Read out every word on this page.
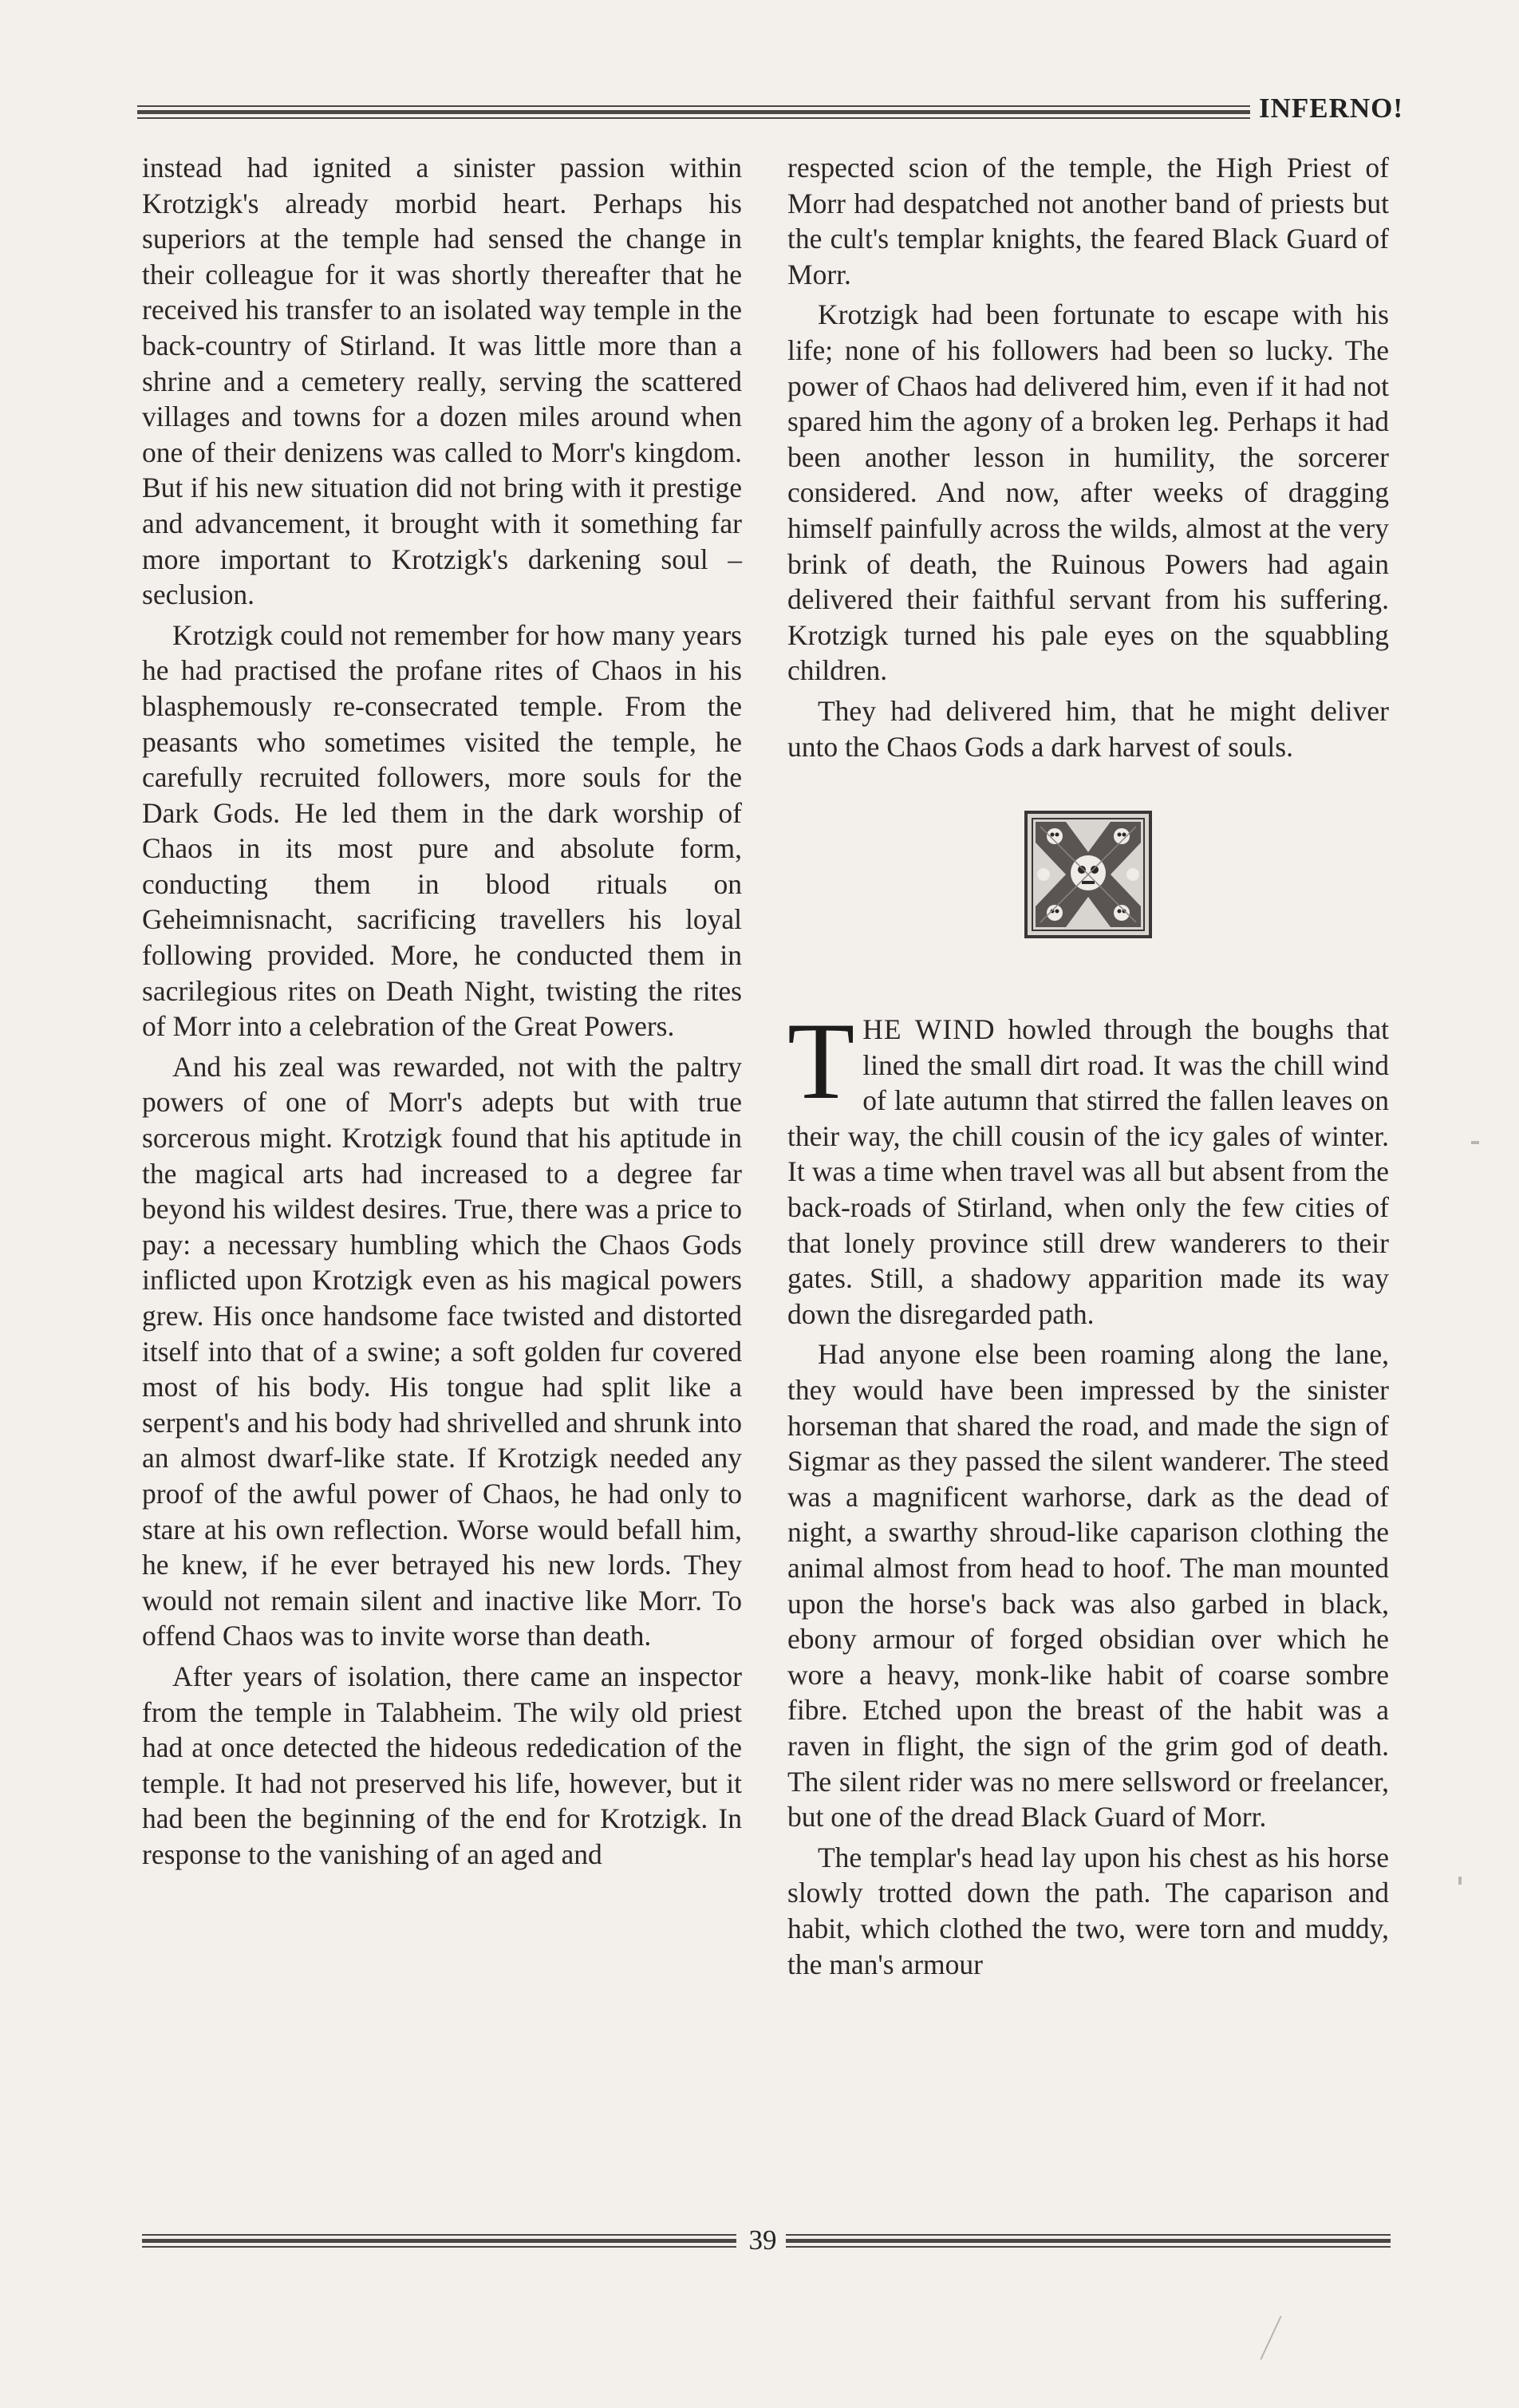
INFERNO!

instead had ignited a sinister passion within Krotzigk's already morbid heart. Perhaps his superiors at the temple had sensed the change in their colleague for it was shortly thereafter that he received his transfer to an isolated way temple in the back-country of Stirland. It was little more than a shrine and a cemetery really, serving the scattered villages and towns for a dozen miles around when one of their denizens was called to Morr's kingdom. But if his new situation did not bring with it prestige and advancement, it brought with it something far more important to Krotzigk's darkening soul – seclusion.

Krotzigk could not remember for how many years he had practised the profane rites of Chaos in his blasphemously re-consecrated temple. From the peasants who sometimes visited the temple, he carefully recruited followers, more souls for the Dark Gods. He led them in the dark worship of Chaos in its most pure and absolute form, conducting them in blood rituals on Geheimnisnacht, sacrificing travellers his loyal following provided. More, he conducted them in sacrilegious rites on Death Night, twisting the rites of Morr into a celebration of the Great Powers.

And his zeal was rewarded, not with the paltry powers of one of Morr's adepts but with true sorcerous might. Krotzigk found that his aptitude in the magical arts had increased to a degree far beyond his wildest desires. True, there was a price to pay: a necessary humbling which the Chaos Gods inflicted upon Krotzigk even as his magical powers grew. His once handsome face twisted and distorted itself into that of a swine; a soft golden fur covered most of his body. His tongue had split like a serpent's and his body had shrivelled and shrunk into an almost dwarf-like state. If Krotzigk needed any proof of the awful power of Chaos, he had only to stare at his own reflection. Worse would befall him, he knew, if he ever betrayed his new lords. They would not remain silent and inactive like Morr. To offend Chaos was to invite worse than death.

After years of isolation, there came an inspector from the temple in Talabheim. The wily old priest had at once detected the hideous rededication of the temple. It had not preserved his life, however, but it had been the beginning of the end for Krotzigk. In response to the vanishing of an aged and

respected scion of the temple, the High Priest of Morr had despatched not another band of priests but the cult's templar knights, the feared Black Guard of Morr.

Krotzigk had been fortunate to escape with his life; none of his followers had been so lucky. The power of Chaos had delivered him, even if it had not spared him the agony of a broken leg. Perhaps it had been another lesson in humility, the sorcerer considered. And now, after weeks of dragging himself painfully across the wilds, almost at the very brink of death, the Ruinous Powers had again delivered their faithful servant from his suffering. Krotzigk turned his pale eyes on the squabbling children.

They had delivered him, that he might deliver unto the Chaos Gods a dark harvest of souls.

THE WIND howled through the boughs that lined the small dirt road. It was the chill wind of late autumn that stirred the fallen leaves on their way, the chill cousin of the icy gales of winter. It was a time when travel was all but absent from the back-roads of Stirland, when only the few cities of that lonely province still drew wanderers to their gates. Still, a shadowy apparition made its way down the disregarded path.

Had anyone else been roaming along the lane, they would have been impressed by the sinister horseman that shared the road, and made the sign of Sigmar as they passed the silent wanderer. The steed was a magnificent warhorse, dark as the dead of night, a swarthy shroud-like caparison clothing the animal almost from head to hoof. The man mounted upon the horse's back was also garbed in black, ebony armour of forged obsidian over which he wore a heavy, monk-like habit of coarse sombre fibre. Etched upon the breast of the habit was a raven in flight, the sign of the grim god of death. The silent rider was no mere sellsword or freelancer, but one of the dread Black Guard of Morr.

The templar's head lay upon his chest as his horse slowly trotted down the path. The caparison and habit, which clothed the two, were torn and muddy, the man's armour

39
